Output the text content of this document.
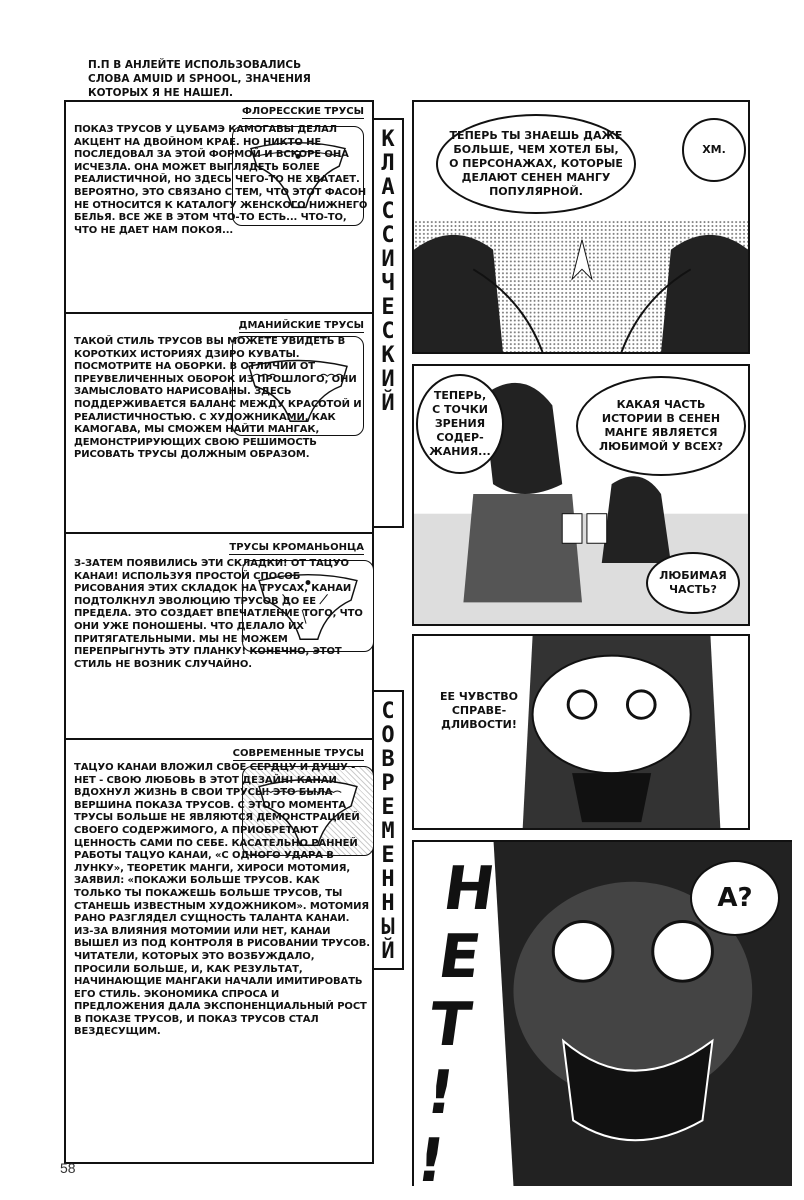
П.П В АНЛЕЙТЕ ИСПОЛЬЗОВАЛИСЬ СЛОВА AMUID И SPHOOL, ЗНАЧЕНИЯ КОТОРЫХ Я НЕ НАШЕЛ.
ФЛОРЕССКИЕ ТРУСЫ
ПОКАЗ ТРУСОВ У ЦУБАМЭ КАМОГАВЫ ДЕЛАЛ АКЦЕНТ НА ДВОЙНОМ КРАЕ. НО НИКТО НЕ ПОСЛЕДОВАЛ ЗА ЭТОЙ ФОРМОЙ И ВСКОРЕ ОНА ИСЧЕЗЛА. ОНА МОЖЕТ ВЫГЛЯДЕТЬ БОЛЕЕ РЕАЛИСТИЧНОЙ, НО ЗДЕСЬ ЧЕГО-ТО НЕ ХВАТАЕТ. ВЕРОЯТНО, ЭТО СВЯЗАНО С ТЕМ, ЧТО ЭТОТ ФАСОН НЕ ОТНОСИТСЯ К КАТАЛОГУ ЖЕНСКОГО НИЖНЕГО БЕЛЬЯ. ВСЕ ЖЕ В ЭТОМ ЧТО-ТО ЕСТЬ... ЧТО-ТО, ЧТО НЕ ДАЕТ НАМ ПОКОЯ...
ДМАНИЙСКИЕ ТРУСЫ
ТАКОЙ СТИЛЬ ТРУСОВ ВЫ МОЖЕТЕ УВИДЕТЬ В КОРОТКИХ ИСТОРИЯХ ДЗИРО КУВАТЫ. ПОСМОТРИТЕ НА ОБОРКИ. В ОТЛИЧИИ ОТ ПРЕУВЕЛИЧЕННЫХ ОБОРОК ИЗ ПРОШЛОГО, ОНИ ЗАМЫСЛОВАТО НАРИСОВАНЫ. ЗДЕСЬ ПОДДЕРЖИВАЕТСЯ БАЛАНС МЕЖДУ КРАСОТОЙ И РЕАЛИСТИЧНОСТЬЮ. С ХУДОЖНИКАМИ, КАК КАМОГАВА, МЫ СМОЖЕМ НАЙТИ МАНГАК, ДЕМОНСТРИРУЮЩИХ СВОЮ РЕШИМОСТЬ РИСОВАТЬ ТРУСЫ ДОЛЖНЫМ ОБРАЗОМ.
ТРУСЫ КРОМАНЬОНЦА
З-ЗАТЕМ ПОЯВИЛИСЬ ЭТИ СКЛАДКИ! ОТ ТАЦУО КАНАИ! ИСПОЛЬЗУЯ ПРОСТОЙ СПОСОБ РИСОВАНИЯ ЭТИХ СКЛАДОК НА ТРУСАХ, КАНАИ ПОДТОЛКНУЛ ЭВОЛЮЦИЮ ТРУСОВ ДО ЕЕ ПРЕДЕЛА. ЭТО СОЗДАЕТ ВПЕЧАТЛЕНИЕ ТОГО, ЧТО ОНИ УЖЕ ПОНОШЕНЫ. ЧТО ДЕЛАЛО ИХ ПРИТЯГАТЕЛЬНЫМИ. МЫ НЕ МОЖЕМ ПЕРЕПРЫГНУТЬ ЭТУ ПЛАНКУ! КОНЕЧНО, ЭТОТ СТИЛЬ НЕ ВОЗНИК СЛУЧАЙНО.
СОВРЕМЕННЫЕ ТРУСЫ
ТАЦУО КАНАИ ВЛОЖИЛ СВОЕ СЕРДЦУ И ДУШУ - НЕТ - СВОЮ ЛЮБОВЬ В ЭТОТ ДЕЗАЙН! КАНАИ ВДОХНУЛ ЖИЗНЬ В СВОИ ТРУСЫ! ЭТО БЫЛА ВЕРШИНА ПОКАЗА ТРУСОВ. С ЭТОГО МОМЕНТА ТРУСЫ БОЛЬШЕ НЕ ЯВЛЯЮТСЯ ДЕМОНСТРАЦИЕЙ СВОЕГО СОДЕРЖИМОГО, А ПРИОБРЕТАЮТ ЦЕННОСТЬ САМИ ПО СЕБЕ. КАСАТЕЛЬНО РАННЕЙ РАБОТЫ ТАЦУО КАНАИ, «С ОДНОГО УДАРА В ЛУНКУ», ТЕОРЕТИК МАНГИ, ХИРОСИ МОТОМИЯ, ЗАЯВИЛ: «ПОКАЖИ БОЛЬШЕ ТРУСОВ. КАК ТОЛЬКО ТЫ ПОКАЖЕШЬ БОЛЬШЕ ТРУСОВ, ТЫ СТАНЕШЬ ИЗВЕСТНЫМ ХУДОЖНИКОМ». МОТОМИЯ РАНО РАЗГЛЯДЕЛ СУЩНОСТЬ ТАЛАНТА КАНАИ. ИЗ-ЗА ВЛИЯНИЯ МОТОМИИ ИЛИ НЕТ, КАНАИ ВЫШЕЛ ИЗ ПОД КОНТРОЛЯ В РИСОВАНИИ ТРУСОВ. ЧИТАТЕЛИ, КОТОРЫХ ЭТО ВОЗБУЖДАЛО, ПРОСИЛИ БОЛЬШЕ, И, КАК РЕЗУЛЬТАТ, НАЧИНАЮЩИЕ МАНГАКИ НАЧАЛИ ИМИТИРОВАТЬ ЕГО СТИЛЬ. ЭКОНОМИКА СПРОСА И ПРЕДЛОЖЕНИЯ ДАЛА ЭКСПОНЕНЦИАЛЬНЫЙ РОСТ В ПОКАЗЕ ТРУСОВ, И ПОКАЗ ТРУСОВ СТАЛ ВЕЗДЕСУЩИМ.
К
Л
А
С
С
И
Ч
Е
С
К
И
Й
С
О
В
Р
Е
М
Е
Н
Н
Ы
Й
ТЕПЕРЬ ТЫ ЗНАЕШЬ ДАЖЕ БОЛЬШЕ, ЧЕМ ХОТЕЛ БЫ, О ПЕРСОНАЖАХ, КОТОРЫЕ ДЕЛАЮТ СЕНЕН МАНГУ ПОПУЛЯРНОЙ.
ХМ.
ТЕПЕРЬ, С ТОЧКИ ЗРЕНИЯ СОДЕР-ЖАНИЯ...
КАКАЯ ЧАСТЬ ИСТОРИИ В СЕНЕН МАНГЕ ЯВЛЯЕТСЯ ЛЮБИМОЙ У ВСЕХ?
ЛЮБИМАЯ ЧАСТЬ?
ЕЕ ЧУВСТВО СПРАВЕ-ДЛИВОСТИ!
А?
Н
Е
Т
!
!
58
